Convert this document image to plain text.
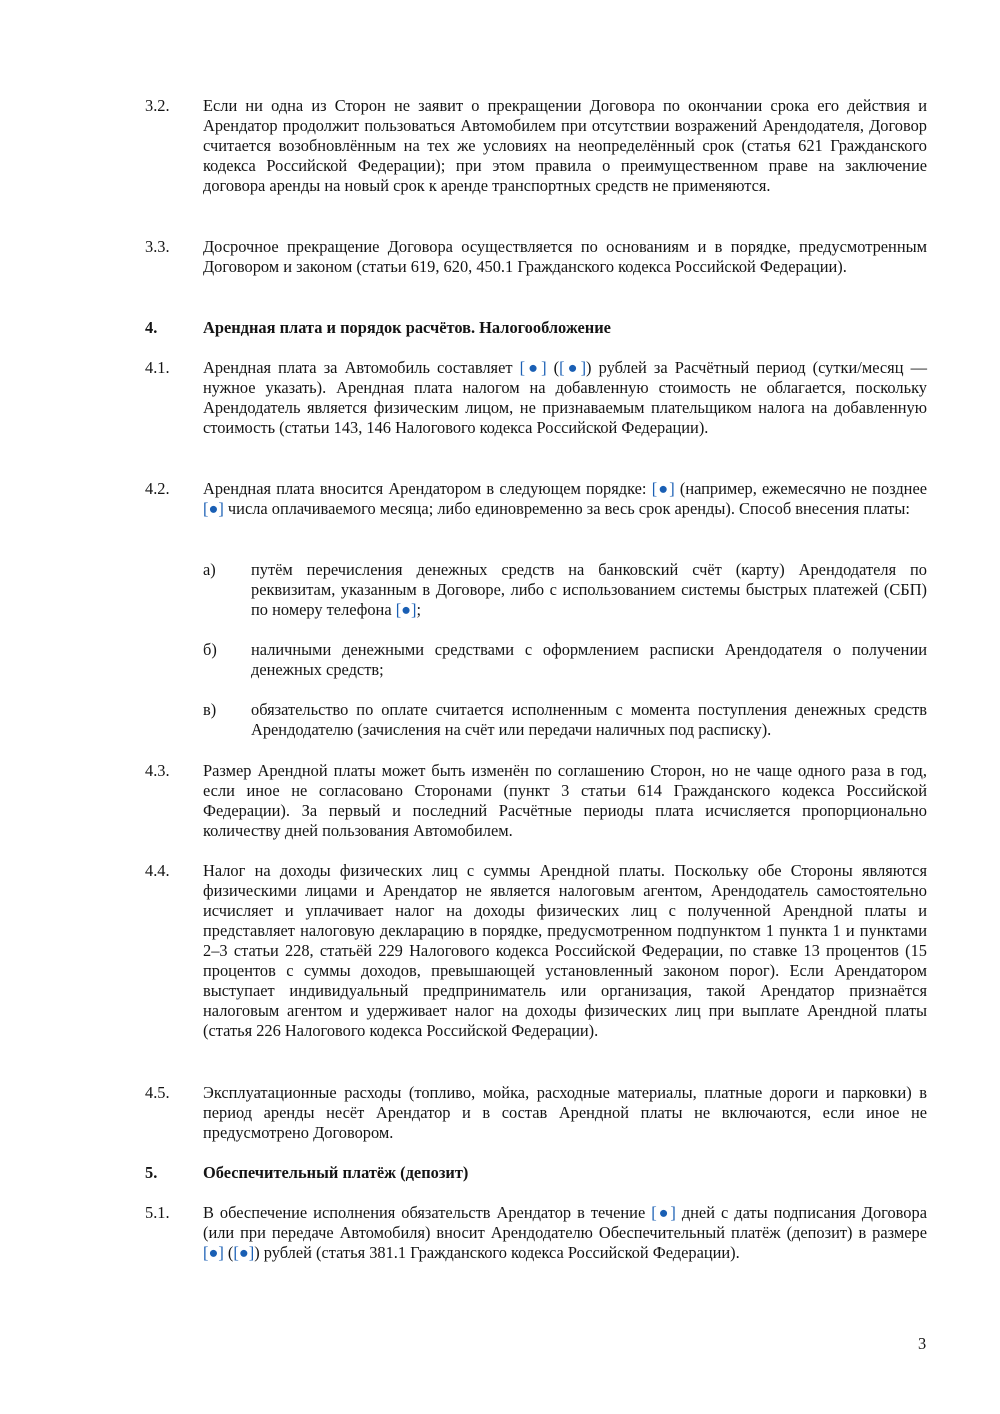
3.2. Если ни одна из Сторон не заявит о прекращении Договора по окончании срока его действия и Арендатор продолжит пользоваться Автомобилем при отсутствии возражений Арендодателя, Договор считается возобновлённым на тех же условиях на неопределённый срок (статья 621 Гражданского кодекса Российской Федерации); при этом правила о преимущественном праве на заключение договора аренды на новый срок к аренде транспортных средств не применяются.
3.3. Досрочное прекращение Договора осуществляется по основаниям и в порядке, предусмотренным Договором и законом (статьи 619, 620, 450.1 Гражданского кодекса Российской Федерации).
4.	Арендная плата и порядок расчётов. Налогообложение
4.1. Арендная плата за Автомобиль составляет [●] ([●]) рублей за Расчётный период (сутки/месяц — нужное указать). Арендная плата налогом на добавленную стоимость не облагается, поскольку Арендодатель является физическим лицом, не признаваемым плательщиком налога на добавленную стоимость (статьи 143, 146 Налогового кодекса Российской Федерации).
4.2. Арендная плата вносится Арендатором в следующем порядке: [●] (например, ежемесячно не позднее [●] числа оплачиваемого месяца; либо единовременно за весь срок аренды). Способ внесения платы:
а) путём перечисления денежных средств на банковский счёт (карту) Арендодателя по реквизитам, указанным в Договоре, либо с использованием системы быстрых платежей (СБП) по номеру телефона [●];
б) наличными денежными средствами с оформлением расписки Арендодателя о получении денежных средств;
в) обязательство по оплате считается исполненным с момента поступления денежных средств Арендодателю (зачисления на счёт или передачи наличных под расписку).
4.3. Размер Арендной платы может быть изменён по соглашению Сторон, но не чаще одного раза в год, если иное не согласовано Сторонами (пункт 3 статьи 614 Гражданского кодекса Российской Федерации). За первый и последний Расчётные периоды плата исчисляется пропорционально количеству дней пользования Автомобилем.
4.4. Налог на доходы физических лиц с суммы Арендной платы. Поскольку обе Стороны являются физическими лицами и Арендатор не является налоговым агентом, Арендодатель самостоятельно исчисляет и уплачивает налог на доходы физических лиц с полученной Арендной платы и представляет налоговую декларацию в порядке, предусмотренном подпунктом 1 пункта 1 и пунктами 2–3 статьи 228, статьёй 229 Налогового кодекса Российской Федерации, по ставке 13 процентов (15 процентов с суммы доходов, превышающей установленный законом порог). Если Арендатором выступает индивидуальный предприниматель или организация, такой Арендатор признаётся налоговым агентом и удерживает налог на доходы физических лиц при выплате Арендной платы (статья 226 Налогового кодекса Российской Федерации).
4.5. Эксплуатационные расходы (топливо, мойка, расходные материалы, платные дороги и парковки) в период аренды несёт Арендатор и в состав Арендной платы не включаются, если иное не предусмотрено Договором.
5.	Обеспечительный платёж (депозит)
5.1. В обеспечение исполнения обязательств Арендатор в течение [●] дней с даты подписания Договора (или при передаче Автомобиля) вносит Арендодателю Обеспечительный платёж (депозит) в размере [●] ([●]) рублей (статья 381.1 Гражданского кодекса Российской Федерации).
3
